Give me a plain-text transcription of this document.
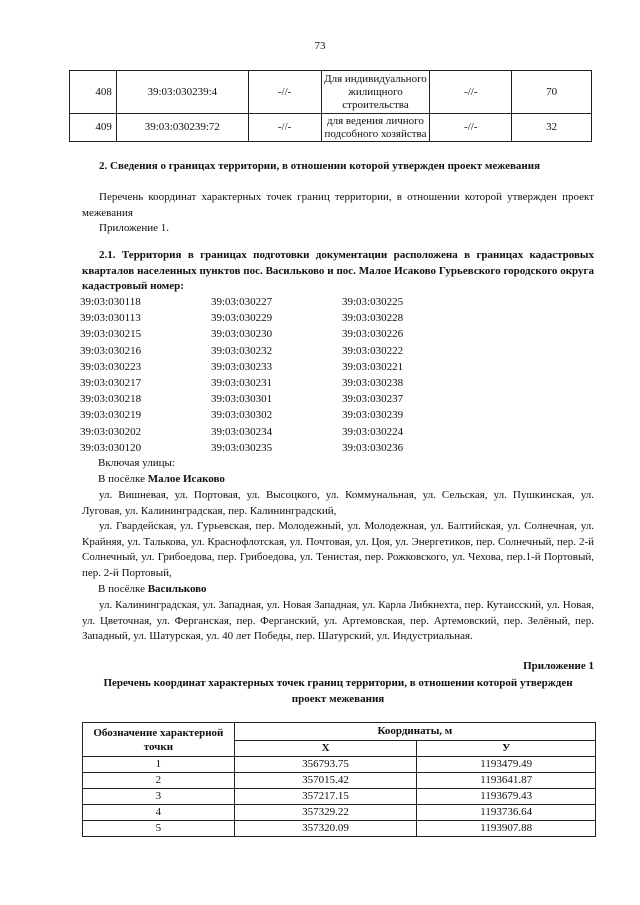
73
408	39:03:030239:4	-//-	Для индивидуального жилищного строительства	-//-	70
409	39:03:030239:72	-//-	для ведения личного подсобного хозяйства	-//-	32
2. Сведения о границах территории, в отношении которой утвержден проект межевания
Перечень координат характерных точек границ территории, в отношении которой утвержден проект межевания
Приложение 1.
2.1. Территория в границах подготовки документации расположена в границах кадастровых кварталов населенных пунктов пос. Васильково и пос. Малое Исаково Гурьевского городского округа кадастровый номер:
39:03:030118	39:03:030227	39:03:030225
39:03:030113	39:03:030229	39:03:030228
39:03:030215	39:03:030230	39:03:030226
39:03:030216	39:03:030232	39:03:030222
39:03:030223	39:03:030233	39:03:030221
39:03:030217	39:03:030231	39:03:030238
39:03:030218	39:03:030301	39:03:030237
39:03:030219	39:03:030302	39:03:030239
39:03:030202	39:03:030234	39:03:030224
39:03:030120	39:03:030235	39:03:030236
Включая улицы:
В посёлке Малое Исаково
ул. Вишневая, ул. Портовая, ул. Высоцкого, ул. Коммунальная, ул. Сельская, ул. Пушкинская, ул. Луговая, ул. Калининградская, пер. Калининградский,
ул. Гвардейская, ул. Гурьевская, пер. Молодежный, ул. Молодежная, ул. Балтийская, ул. Солнечная, ул. Крайняя, ул. Талькова, ул. Краснофлотская, ул. Почтовая, ул. Цоя, ул. Энергетиков, пер. Солнечный, пер. 2-й Солнечный, ул. Грибоедова, пер. Грибоедова, ул. Тенистая, пер. Рожковского, ул. Чехова, пер.1-й Портовый, пер. 2-й Портовый,
В посёлке Васильково
ул. Калининградская, ул. Западная, ул. Новая Западная, ул. Карла Либкнехта, пер. Кутаисский, ул. Новая, ул. Цветочная, ул. Ферганская, пер. Ферганский, ул. Артемовская, пер. Артемовский, пер. Зелёный, пер. Западный, ул. Шатурская, ул. 40 лет Победы, пер. Шатурский, ул. Индустриальная.
Приложение 1
Перечень координат характерных точек границ территории, в отношении которой утвержден проект межевания
Обозначение характерной точки	Координаты, м	
	X	У
1	356793.75	1193479.49
2	357015.42	1193641.87
3	357217.15	1193679.43
4	357329.22	1193736.64
5	357320.09	1193907.88
